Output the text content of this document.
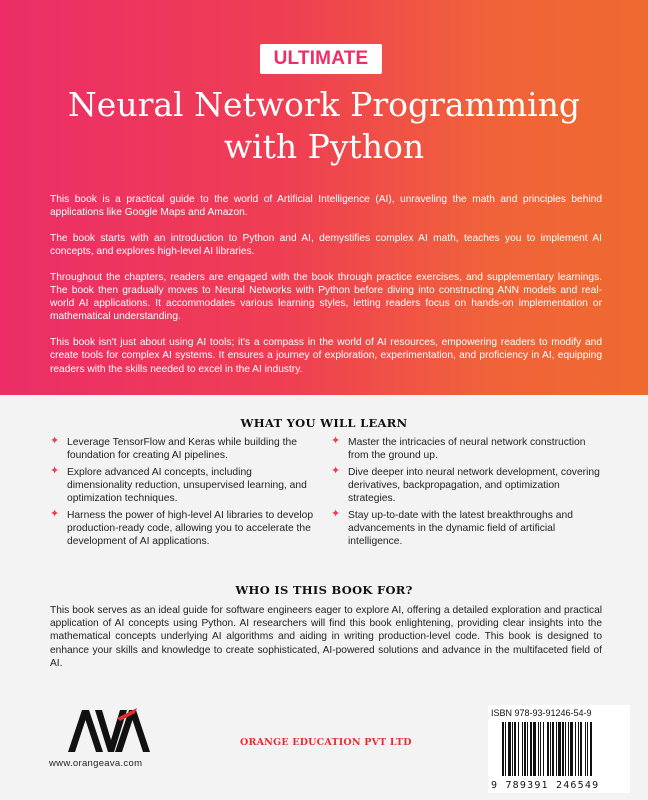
ULTIMATE
Neural Network Programming
with Python

This book is a practical guide to the world of Artificial Intelligence (AI), unraveling the math and principles behind applications like Google Maps and Amazon.

The book starts with an introduction to Python and AI, demystifies complex AI math, teaches you to implement AI concepts, and explores high-level AI libraries.

Throughout the chapters, readers are engaged with the book through practice exercises, and supplementary learnings. The book then gradually moves to Neural Networks with Python before diving into constructing ANN models and real-world AI applications. It accommodates various learning styles, letting readers focus on hands-on implementation or mathematical understanding.

This book isn't just about using AI tools; it's a compass in the world of AI resources, empowering readers to modify and create tools for complex AI systems. It ensures a journey of exploration, experimentation, and proficiency in AI, equipping readers with the skills needed to excel in the AI industry.

WHAT YOU WILL LEARN
✦ Leverage TensorFlow and Keras while building the foundation for creating AI pipelines.
✦ Explore advanced AI concepts, including dimensionality reduction, unsupervised learning, and optimization techniques.
✦ Harness the power of high-level AI libraries to develop production-ready code, allowing you to accelerate the development of AI applications.
✦ Master the intricacies of neural network construction from the ground up.
✦ Dive deeper into neural network development, covering derivatives, backpropagation, and optimization strategies.
✦ Stay up-to-date with the latest breakthroughs and advancements in the dynamic field of artificial intelligence.
WHO IS THIS BOOK FOR?
This book serves as an ideal guide for software engineers eager to explore AI, offering a detailed exploration and practical application of AI concepts using Python. AI researchers will find this book enlightening, providing clear insights into the mathematical concepts underlying AI algorithms and aiding in writing production-level code. This book is designed to enhance your skills and knowledge to create sophisticated, AI-powered solutions and advance in the multifaceted field of AI.
www.orangeava.com
ORANGE EDUCATION PVT LTD
ISBN 978-93-91246-54-9
9 789391 246549
